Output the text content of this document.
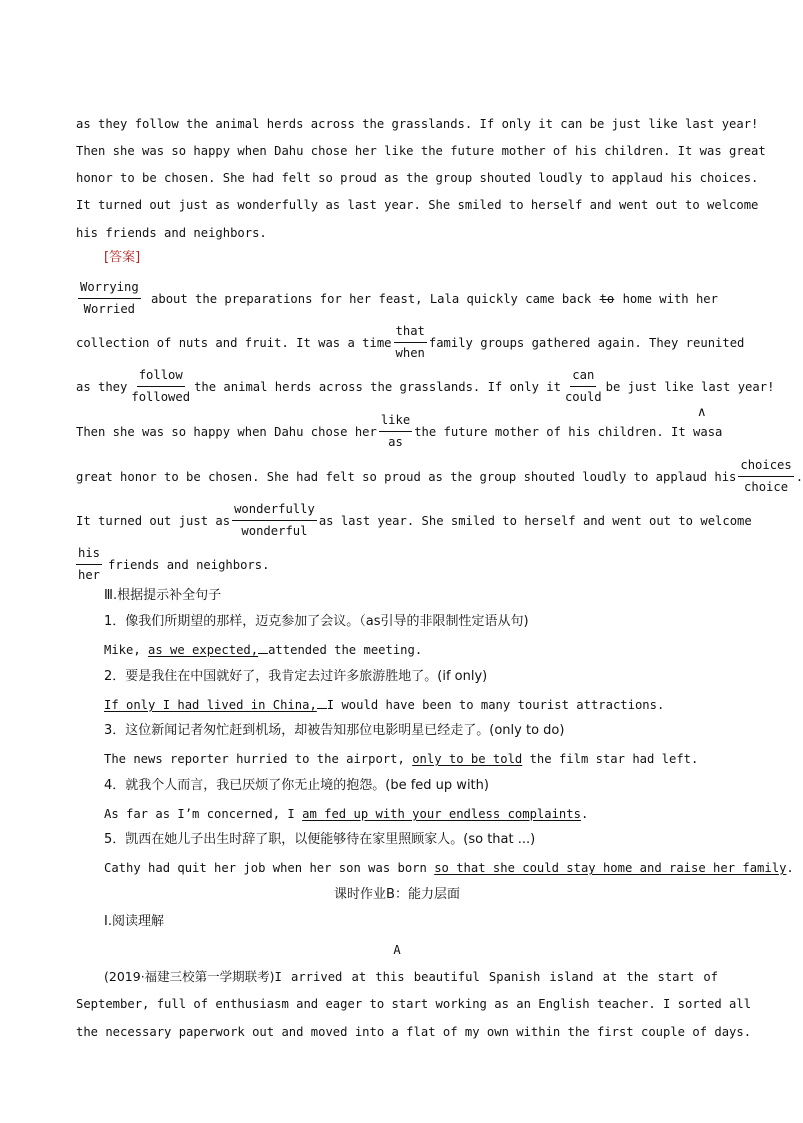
as they follow the animal herds across the grasslands. If only it can be just like last year!
Then she was so happy when Dahu chose her like the future mother of his children. It was great
honor to be chosen. She had felt so proud as the group shouted loudly to applaud his choices.
It turned out just as wonderfully as last year. She smiled to herself and went out to welcome
his friends and neighbors.
[答案]
Worrying
Worried
about the preparations for her feast, Lala quickly came back to home with her
collection of nuts and fruit. It was a time
that
when
family groups gathered again. They reunited
as they
follow
followed
the animal herds across the grasslands. If only it
can
could
be just like last year!
Then she was so happy when Dahu chose her
like
as
the future mother of his children. It was a
∧
great honor to be chosen. She had felt so proud as the group shouted loudly to applaud his
choices
choice
.
It turned out just as
wonderfully
wonderful
as last year. She smiled to herself and went out to welcome
his
her
friends and neighbors.
Ⅲ.根据提示补全句子
1．像我们所期望的那样，迈克参加了会议。（as引导的非限制性定语从句)
Mike, as we expected, attended the meeting.
2．要是我住在中国就好了，我肯定去过许多旅游胜地了。(if only)
If only I had lived in China, I would have been to many tourist attractions.
3．这位新闻记者匆忙赶到机场，却被告知那位电影明星已经走了。(only to do)
The news reporter hurried to the airport, only to be told the film star had left.
4．就我个人而言，我已厌烦了你无止境的抱怨。(be fed up with)
As far as I’m concerned, I am fed up with your endless complaints.
5．凯西在她儿子出生时辞了职，以便能够待在家里照顾家人。(so that ...)
Cathy had quit her job when her son was born so that she could stay home and raise her family.
课时作业B：能力层面
Ⅰ.阅读理解
A
(2019·福建三校第一学期联考) I arrived at this beautiful Spanish island at the start of
September, full of enthusiasm and eager to start working as an English teacher. I sorted all
the necessary paperwork out and moved into a flat of my own within the first couple of days.
